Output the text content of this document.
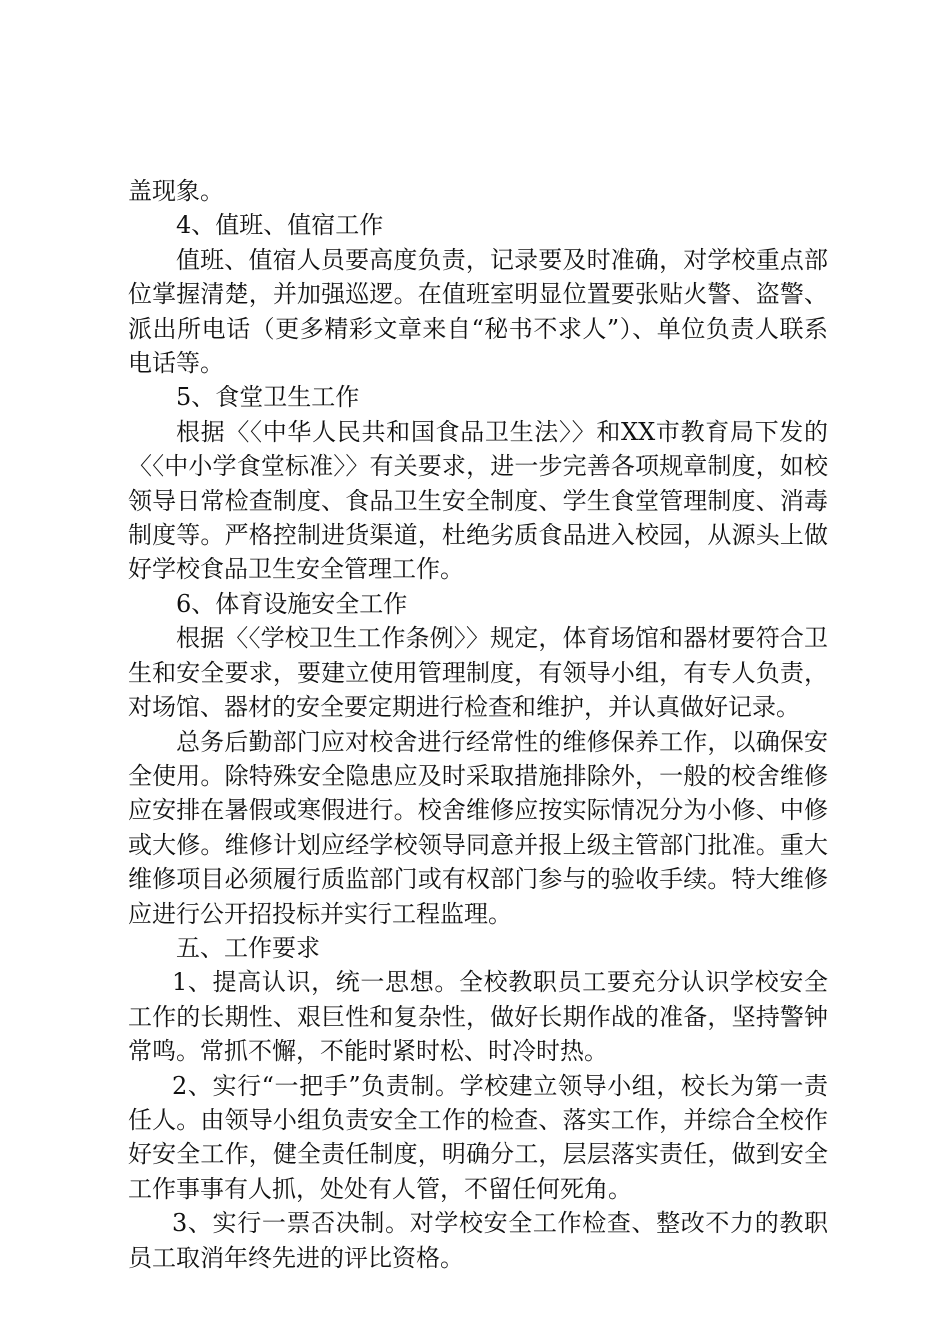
盖现象。

4、值班、值宿工作

值班、值宿人员要高度负责，记录要及时准确，对学校重点部位掌握清楚，并加强巡逻。在值班室明显位置要张贴火警、盗警、派出所电话（更多精彩文章来自“秘书不求人”）、单位负责人联系电话等。

5、食堂卫生工作

根据〈〈中华人民共和国食品卫生法〉〉和XX市教育局下发的〈〈中小学食堂标准〉〉有关要求，进一步完善各项规章制度，如校领导日常检查制度、食品卫生安全制度、学生食堂管理制度、消毒制度等。严格控制进货渠道，杜绝劣质食品进入校园，从源头上做好学校食品卫生安全管理工作。

6、体育设施安全工作

根据〈〈学校卫生工作条例〉〉规定，体育场馆和器材要符合卫生和安全要求，要建立使用管理制度，有领导小组，有专人负责，对场馆、器材的安全要定期进行检查和维护，并认真做好记录。

总务后勤部门应对校舍进行经常性的维修保养工作，以确保安全使用。除特殊安全隐患应及时采取措施排除外，一般的校舍维修应安排在暑假或寒假进行。校舍维修应按实际情况分为小修、中修或大修。维修计划应经学校领导同意并报上级主管部门批准。重大维修项目必须履行质监部门或有权部门参与的验收手续。特大维修应进行公开招投标并实行工程监理。

五、工作要求

1、提高认识，统一思想。全校教职员工要充分认识学校安全工作的长期性、艰巨性和复杂性，做好长期作战的准备，坚持警钟常鸣。常抓不懈，不能时紧时松、时冷时热。

2、实行“一把手”负责制。学校建立领导小组，校长为第一责任人。由领导小组负责安全工作的检查、落实工作，并综合全校作好安全工作，健全责任制度，明确分工，层层落实责任，做到安全工作事事有人抓，处处有人管，不留任何死角。

3、实行一票否决制。对学校安全工作检查、整改不力的教职员工取消年终先进的评比资格。
